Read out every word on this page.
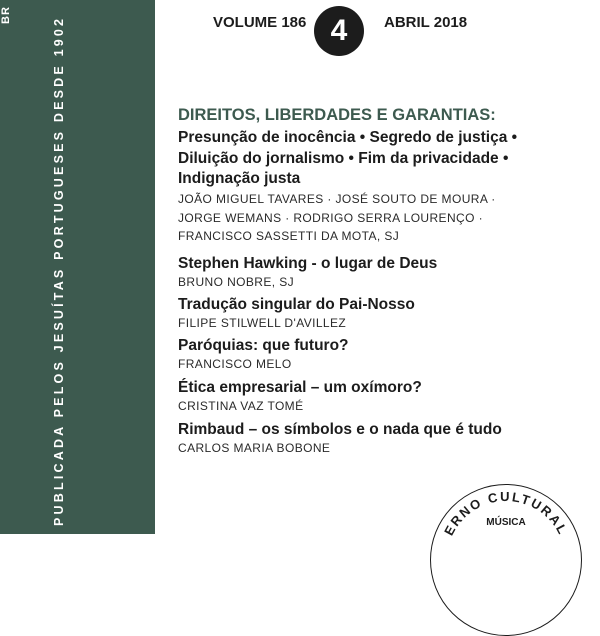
BR
PUBLICADA PELOS JESUÍTAS PORTUGUESES DESDE 1902	VOLUME 186 4	ABRIL 2018
DIREITOS, LIBERDADES E GARANTIAS:
Presunção de inocência • Segredo de justiça •
Diluição do jornalismo • Fim da privacidade •
Indignação justa
JOÃO MIGUEL TAVARES · JOSÉ SOUTO DE MOURA ·
JORGE WEMANS · RODRIGO SERRA LOURENÇO ·
FRANCISCO SASSETTI DA MOTA, SJ
Stephen Hawking - o lugar de Deus
BRUNO NOBRE, SJ
Tradução singular do Pai-Nosso
FILIPE STILWELL D'AVILLEZ
Paróquias: que futuro?
FRANCISCO MELO
Ética empresarial – um oxímoro?
CRISTINA VAZ TOMÉ
Rimbaud – os símbolos e o nada que é tudo
CARLOS MARIA BOBONE
ERNO CULTURAL
MÚSICA
